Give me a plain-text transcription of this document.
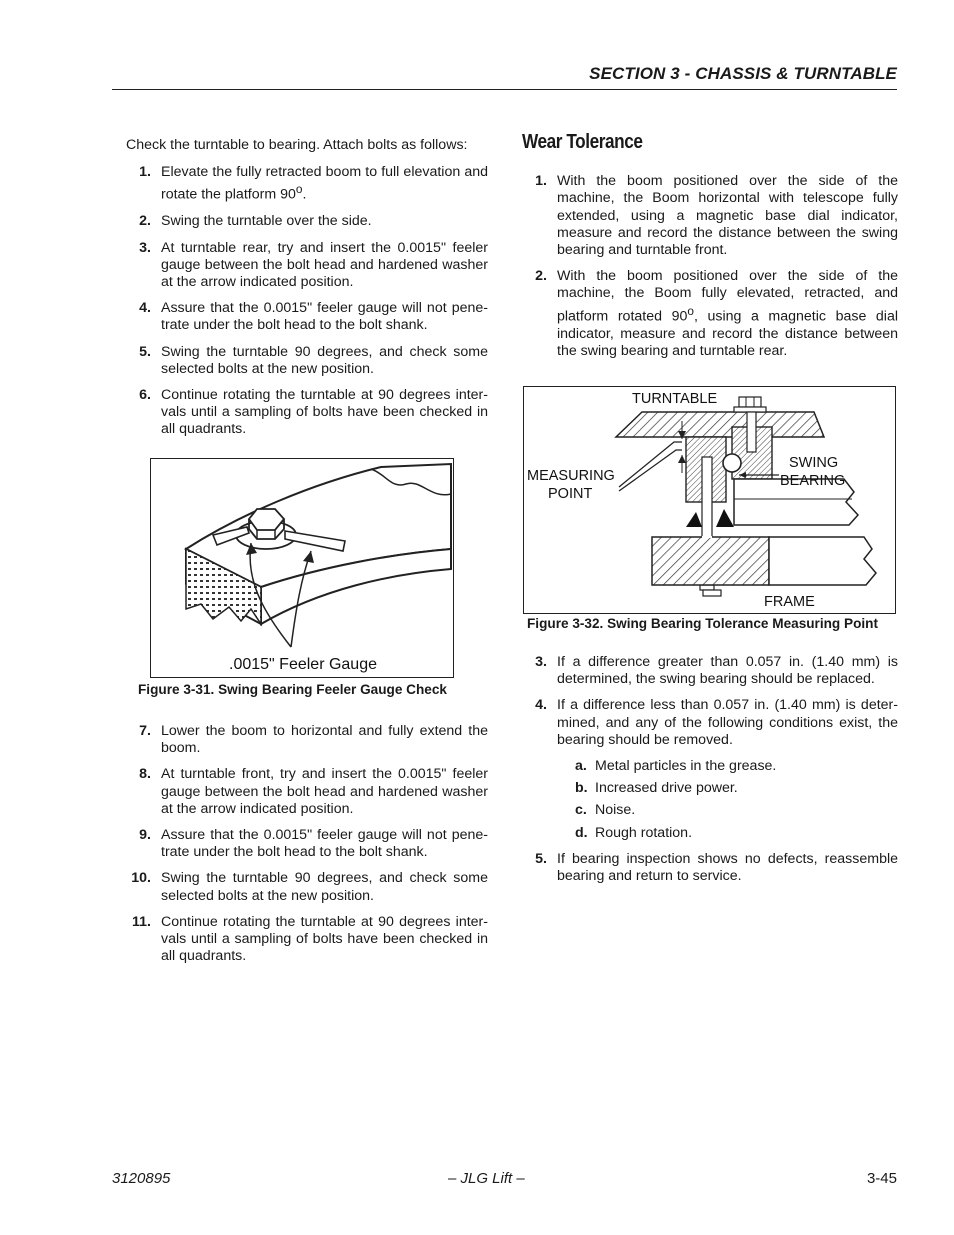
SECTION 3 - CHASSIS & TURNTABLE

Check the turntable to bearing. Attach bolts as follows:

1. Elevate the fully retracted boom to full elevation and rotate the platform 90$^o$.
2. Swing the turntable over the side.
3. At turntable rear, try and insert the 0.0015" feeler gauge between the bolt head and hardened washer at the arrow indicated position.
4. Assure that the 0.0015" feeler gauge will not pene-trate under the bolt head to the bolt shank.
5. Swing the turntable 90 degrees, and check some selected bolts at the new position.
6. Continue rotating the turntable at 90 degrees inter-vals until a sampling of bolts have been checked in all quadrants.
.0015" Feeler Gauge
Figure 3-31. Swing Bearing Feeler Gauge Check
7. Lower the boom to horizontal and fully extend the boom.
8. At turntable front, try and insert the 0.0015" feeler gauge between the bolt head and hardened washer at the arrow indicated position.
9. Assure that the 0.0015" feeler gauge will not pene-trate under the bolt head to the bolt shank.
10. Swing the turntable 90 degrees, and check some selected bolts at the new position.
11. Continue rotating the turntable at 90 degrees inter-vals until a sampling of bolts have been checked in all quadrants.
Wear Tolerance
1. With the boom positioned over the side of the machine, the Boom horizontal with telescope fully extended, using a magnetic base dial indicator, measure and record the distance between the swing bearing and turntable front.
2. With the boom positioned over the side of the machine, the Boom fully elevated, retracted, and platform rotated 90$^o$, using a magnetic base dial indicator, measure and record the distance between the swing bearing and turntable rear.
TURNTABLE
MEASURING
POINT
SWING
BEARING
FRAME
Figure 3-32. Swing Bearing Tolerance Measuring Point
3. If a difference greater than 0.057 in. (1.40 mm) is determined, the swing bearing should be replaced.
4. If a difference less than 0.057 in. (1.40 mm) is deter-mined, and any of the following conditions exist, the bearing should be removed.
a. Metal particles in the grease.
b. Increased drive power.
c. Noise.
d. Rough rotation.
5. If bearing inspection shows no defects, reassemble bearing and return to service.
3120895	– JLG Lift –	3-45
